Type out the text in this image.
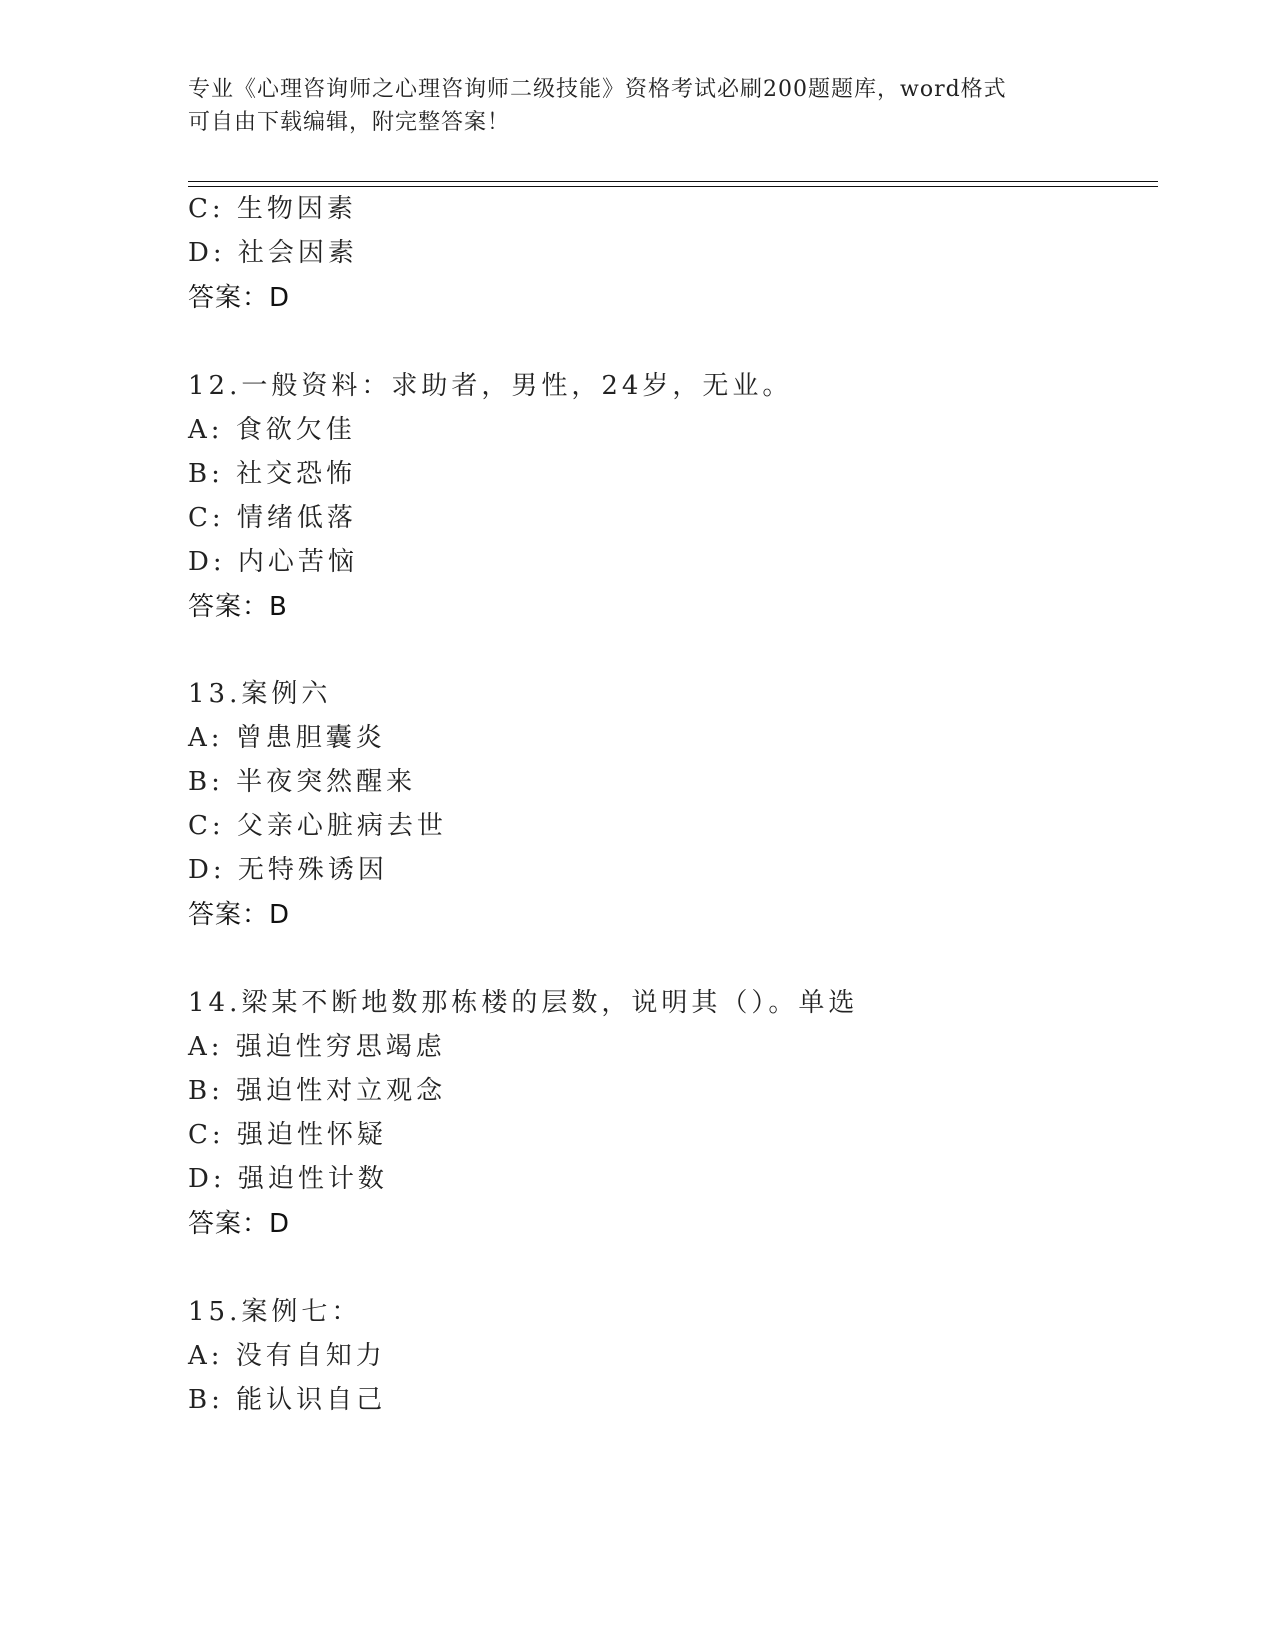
专业《心理咨询师之心理咨询师二级技能》资格考试必刷200题题库，word格式
可自由下载编辑，附完整答案！
C: 生物因素
D: 社会因素
答案：D
12.一般资料：求助者，男性，24岁，无业。
A: 食欲欠佳
B: 社交恐怖
C: 情绪低落
D: 内心苦恼
答案：B
13.案例六
A: 曾患胆囊炎
B: 半夜突然醒来
C: 父亲心脏病去世
D: 无特殊诱因
答案：D
14.梁某不断地数那栋楼的层数，说明其（）。单选
A: 强迫性穷思竭虑
B: 强迫性对立观念
C: 强迫性怀疑
D: 强迫性计数
答案：D
15.案例七：
A: 没有自知力
B: 能认识自己
